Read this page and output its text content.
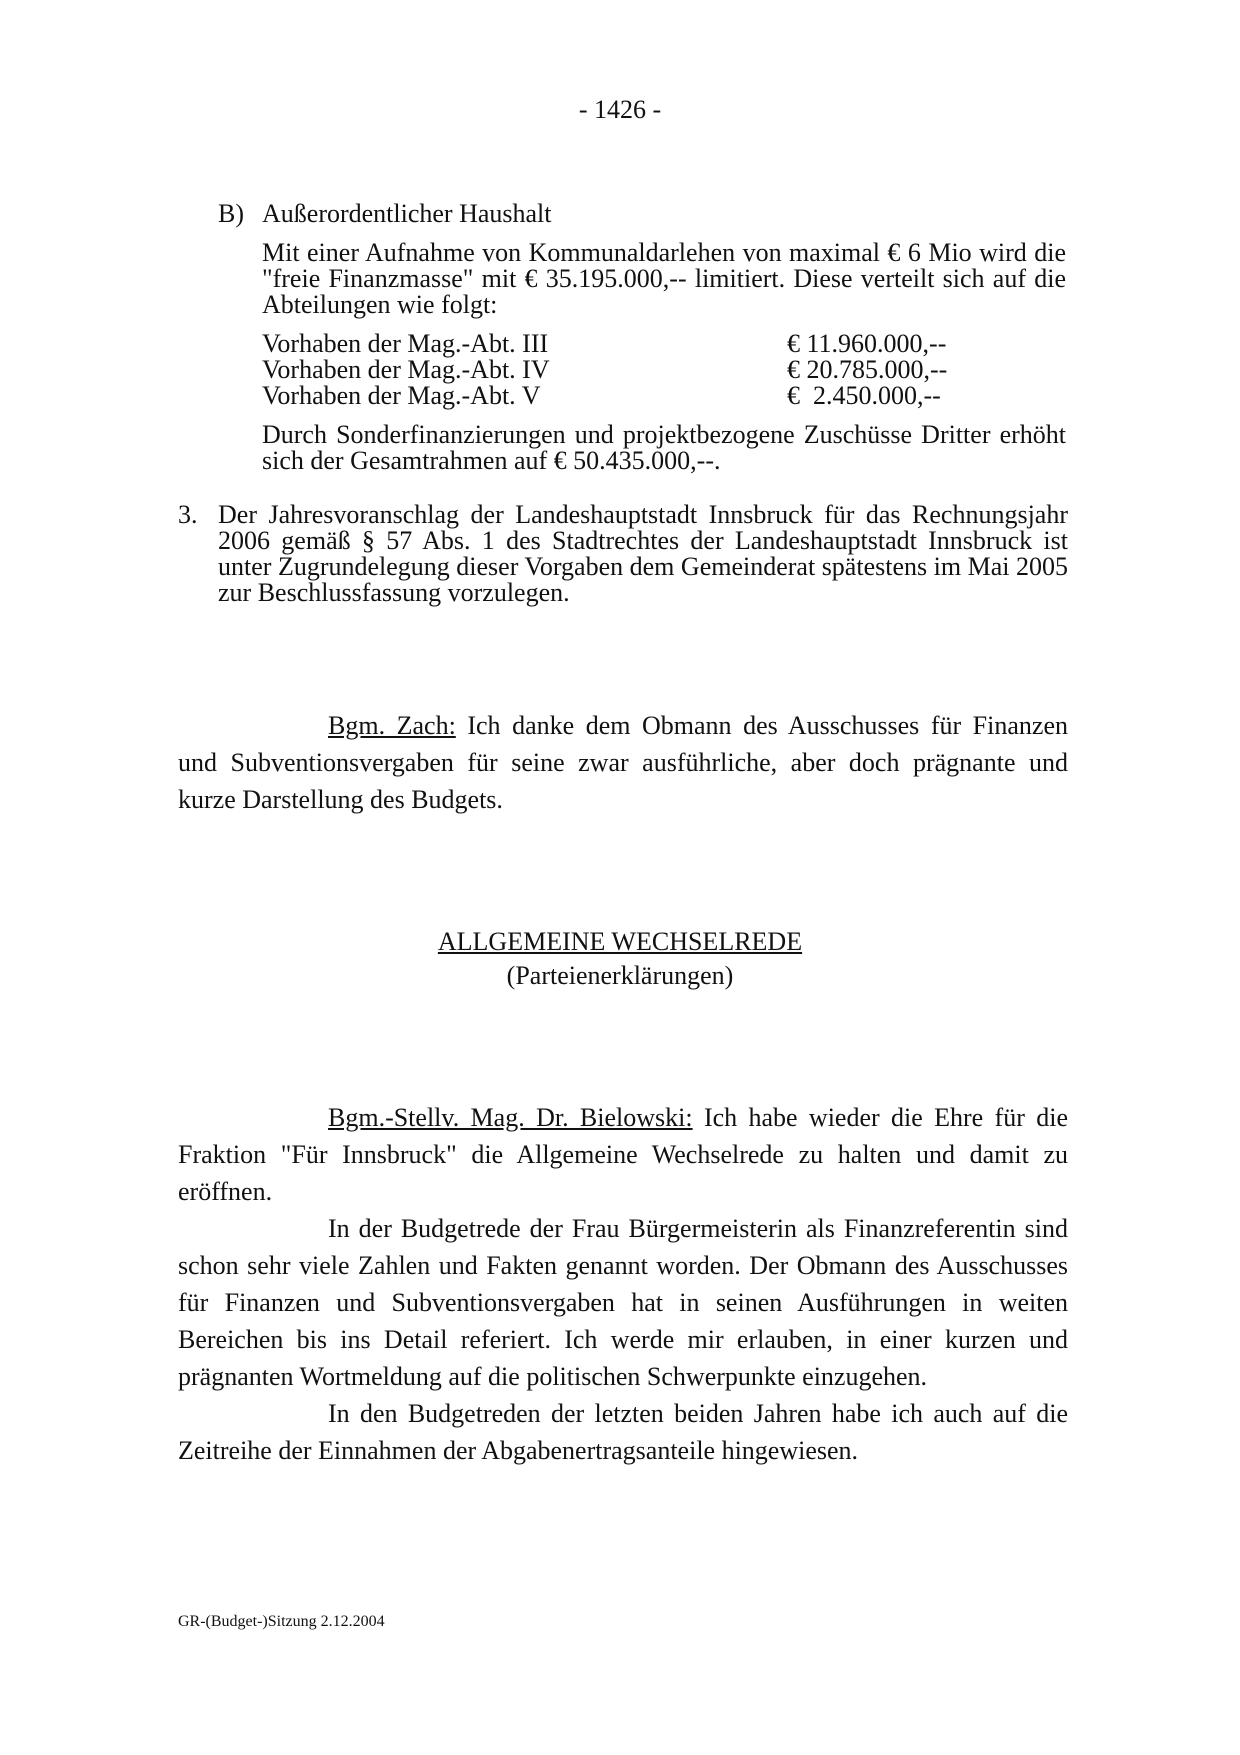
- 1426 -
B) Außerordentlicher Haushalt
Mit einer Aufnahme von Kommunaldarlehen von maximal € 6 Mio wird die "freie Finanzmasse" mit € 35.195.000,-- limitiert. Diese verteilt sich auf die Abteilungen wie folgt:
Vorhaben der Mag.-Abt. III	€ 11.960.000,--
Vorhaben der Mag.-Abt. IV	€ 20.785.000,--
Vorhaben der Mag.-Abt. V	€  2.450.000,--
Durch Sonderfinanzierungen und projektbezogene Zuschüsse Dritter erhöht sich der Gesamtrahmen auf € 50.435.000,--.
3. Der Jahresvoranschlag der Landeshauptstadt Innsbruck für das Rechnungsjahr 2006 gemäß § 57 Abs. 1 des Stadtrechtes der Landeshauptstadt Innsbruck ist unter Zugrundelegung dieser Vorgaben dem Gemeinderat spätestens im Mai 2005 zur Beschlussfassung vorzulegen.

Bgm. Zach: Ich danke dem Obmann des Ausschusses für Finanzen und Subventionsvergaben für seine zwar ausführliche, aber doch prägnante und kurze Darstellung des Budgets.

ALLGEMEINE WECHSELREDE
(Parteienerklärungen)

Bgm.-Stellv. Mag. Dr. Bielowski: Ich habe wieder die Ehre für die Fraktion "Für Innsbruck" die Allgemeine Wechselrede zu halten und damit zu eröffnen.

In der Budgetrede der Frau Bürgermeisterin als Finanzreferentin sind schon sehr viele Zahlen und Fakten genannt worden. Der Obmann des Ausschusses für Finanzen und Subventionsvergaben hat in seinen Ausführungen in weiten Bereichen bis ins Detail referiert. Ich werde mir erlauben, in einer kurzen und prägnanten Wortmeldung auf die politischen Schwerpunkte einzugehen.

In den Budgetreden der letzten beiden Jahren habe ich auch auf die Zeitreihe der Einnahmen der Abgabenertragsanteile hingewiesen.

GR-(Budget-)Sitzung 2.12.2004
